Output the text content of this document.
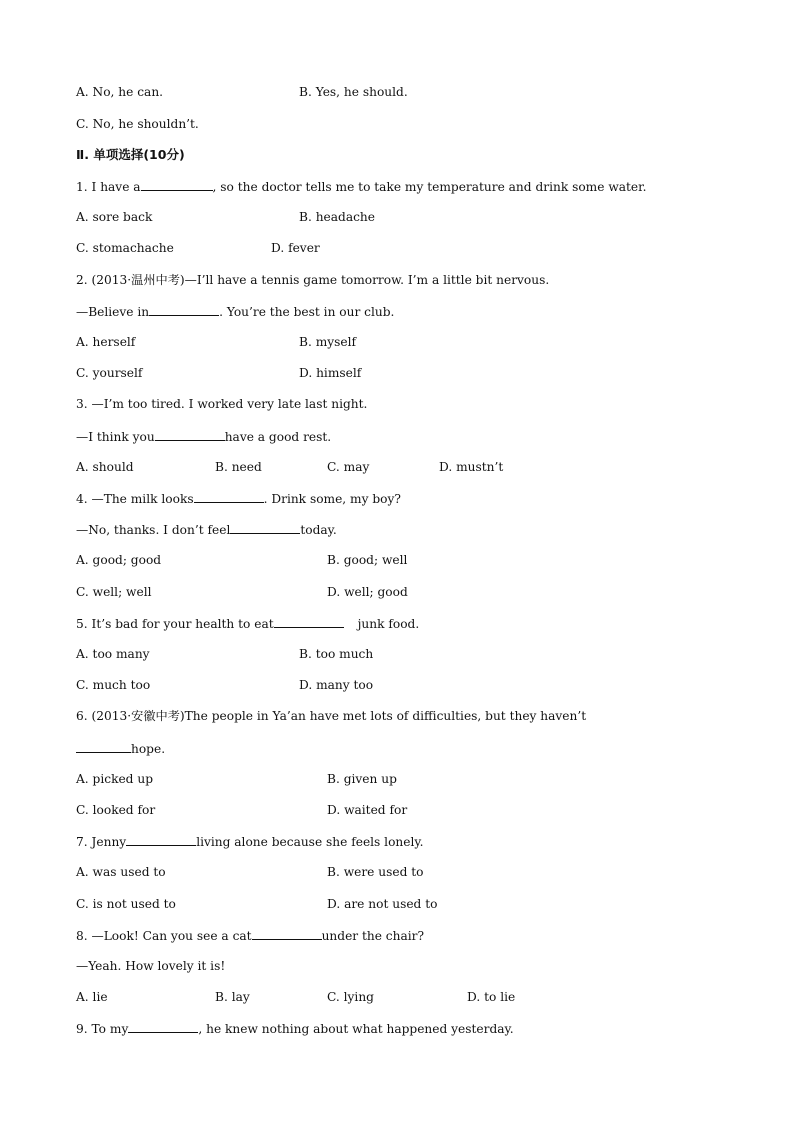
A. No, he can.	B. Yes, he should.
C. No, he shouldn’t.
Ⅱ. 单项选择(10分)
1. I have a	, so the doctor tells me to take my temperature and drink some water.
A. sore back	B. headache
C. stomachache	D. fever
2. (2013·温州中考)—I’ll have a tennis game tomorrow. I’m a little bit nervous.
—Believe in	. You’re the best in our club.
A. herself	B. myself
C. yourself	D. himself
3. —I’m too tired. I worked very late last night.
—I think you	have a good rest.
A. should	B. need	C. may	D. mustn’t
4. —The milk looks	. Drink some, my boy?
—No, thanks. I don’t feel	today.
A. good; good	B. good; well
C. well; well	D. well; good
5. It’s bad for your health to eat	junk food.
A. too many	B. too much
C. much too	D. many too
6. (2013·安徽中考)The people in Ya’an have met lots of difficulties, but they haven’t
hope.
A. picked up	B. given up
C. looked for	D. waited for
7. Jenny	living alone because she feels lonely.
A. was used to	B. were used to
C. is not used to	D. are not used to
8. —Look! Can you see a cat	under the chair?
—Yeah. How lovely it is!
A. lie	B. lay	C. lying	D. to lie
9. To my	, he knew nothing about what happened yesterday.
